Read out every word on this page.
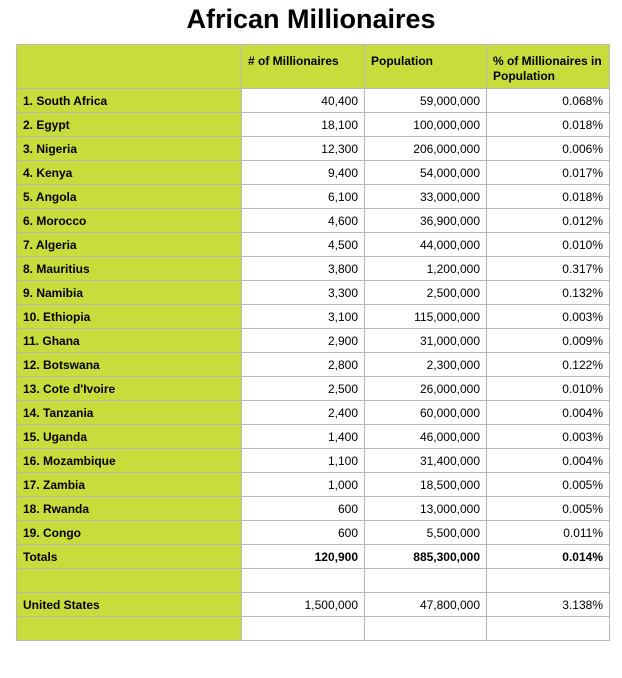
African Millionaires
	# of Millionaires	Population	% of Millionaires in Population
1. South Africa	40,400	59,000,000	0.068%
2. Egypt	18,100	100,000,000	0.018%
3. Nigeria	12,300	206,000,000	0.006%
4. Kenya	9,400	54,000,000	0.017%
5. Angola	6,100	33,000,000	0.018%
6. Morocco	4,600	36,900,000	0.012%
7. Algeria	4,500	44,000,000	0.010%
8. Mauritius	3,800	1,200,000	0.317%
9. Namibia	3,300	2,500,000	0.132%
10. Ethiopia	3,100	115,000,000	0.003%
11. Ghana	2,900	31,000,000	0.009%
12. Botswana	2,800	2,300,000	0.122%
13. Cote d'Ivoire	2,500	26,000,000	0.010%
14. Tanzania	2,400	60,000,000	0.004%
15. Uganda	1,400	46,000,000	0.003%
16. Mozambique	1,100	31,400,000	0.004%
17. Zambia	1,000	18,500,000	0.005%
18. Rwanda	600	13,000,000	0.005%
19. Congo	600	5,500,000	0.011%
Totals	120,900	885,300,000	0.014%

United States	1,500,000	47,800,000	3.138%
